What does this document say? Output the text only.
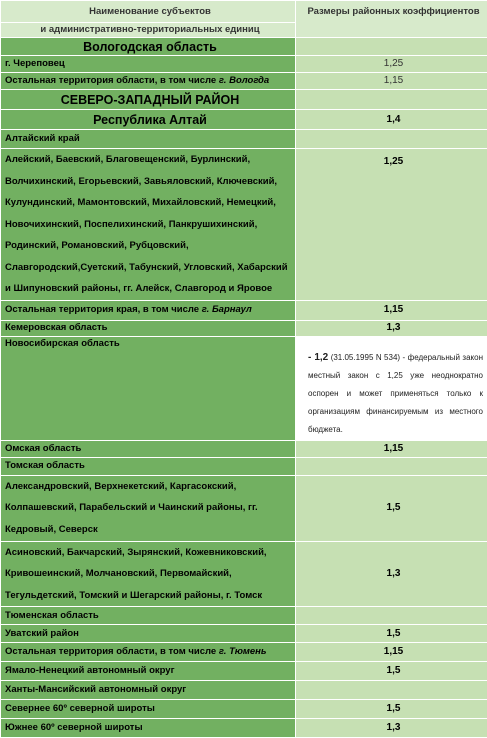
Наименование субъектов	Размеры районных коэффициентов
и административно-территориальных единиц	
Вологодская область	
г. Череповец	1,25
Остальная территория области, в том числе г. Вологда	1,15
СЕВЕРО-ЗАПАДНЫЙ РАЙОН	
Республика Алтай	1,4
Алтайский край	
Алейский, Баевский, Благовещенский, Бурлинский, Волчихинский, Егорьевский, Завьяловский, Ключевский, Кулундинский, Мамонтовский, Михайловский, Немецкий, Новочихинский, Поспелихинский, Панкрушихинский, Родинский, Романовский, Рубцовский, Славгородский,Суетский, Табунский, Угловский, Хабарский и Шипуновский районы, гг. Алейск, Славгород и Яровое	1,25
Остальная территория края, в том числе г. Барнаул	1,15
Кемеровская область	1,3
Новосибирская область	- 1,2 (31.05.1995 N 534) - федеральный закон местный закон с 1,25 уже неоднократно оспорен и может применяться только к организациям финансируемым из местного бюджета.
Омская область	1,15
Томская область	
Александровский, Верхнекетский, Каргасокский, Колпашевский, Парабельский и Чаинский районы, гг. Кедровый, Северск	1,5
Асиновский, Бакчарский, Зырянский, Кожевниковский, Кривошеинский, Молчановский, Первомайский, Тегульдетский, Томский и Шегарский районы, г. Томск	1,3
Тюменская область	
Уватский район	1,5
Остальная территория области, в том числе г. Тюмень	1,15
Ямало-Ненецкий автономный округ	1,5
Ханты-Мансийский автономный округ	
Севернее 60º северной широты	1,5
Южнее 60º северной широты	1,3
